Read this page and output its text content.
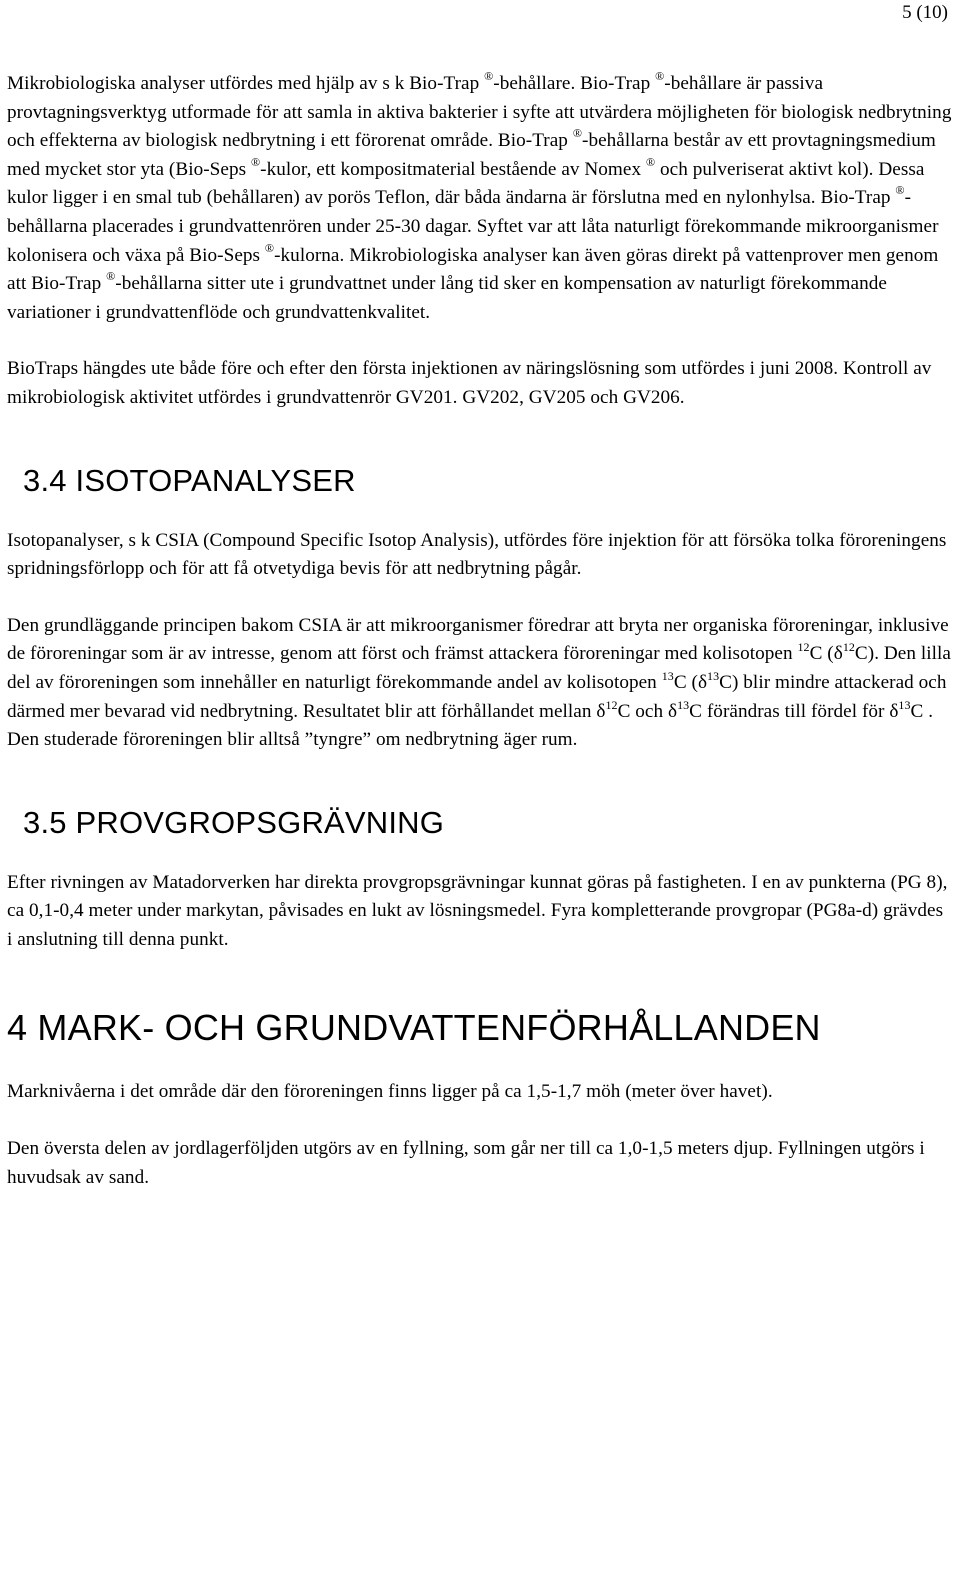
5 (10)

Mikrobiologiska analyser utfördes med hjälp av s k Bio-Trap ®-behållare. Bio-Trap ®-behållare är passiva provtagningsverktyg utformade för att samla in aktiva bakterier i syfte att utvärdera möjligheten för biologisk nedbrytning och effekterna av biologisk nedbrytning i ett förorenat område. Bio-Trap ®-behållarna består av ett provtagningsmedium med mycket stor yta (Bio-Seps ®-kulor, ett kompositmaterial bestående av Nomex ® och pulveriserat aktivt kol). Dessa kulor ligger i en smal tub (behållaren) av porös Teflon, där båda ändarna är förslutna med en nylonhylsa. Bio-Trap ®-behållarna placerades i grundvattenrören under 25-30 dagar. Syftet var att låta naturligt förekommande mikroorganismer kolonisera och växa på Bio-Seps ®-kulorna. Mikrobiologiska analyser kan även göras direkt på vattenprover men genom att Bio-Trap ®-behållarna sitter ute i grundvattnet under lång tid sker en kompensation av naturligt förekommande variationer i grundvattenflöde och grundvattenkvalitet.

BioTraps hängdes ute både före och efter den första injektionen av näringslösning som utfördes i juni 2008. Kontroll av mikrobiologisk aktivitet utfördes i grundvattenrör GV201. GV202, GV205 och GV206.

3.4 ISOTOPANALYSER

Isotopanalyser, s k CSIA (Compound Specific Isotop Analysis), utfördes före injektion för att försöka tolka föroreningens spridningsförlopp och för att få otvetydiga bevis för att nedbrytning pågår.

Den grundläggande principen bakom CSIA är att mikroorganismer föredrar att bryta ner organiska föroreningar, inklusive de föroreningar som är av intresse, genom att först och främst attackera föroreningar med kolisotopen $^{12}$C $(\delta^{12}C)$. Den lilla del av föroreningen som innehåller en naturligt förekommande andel av kolisotopen $^{13}$C $(\delta^{13}C)$ blir mindre attackerad och därmed mer bevarad vid nedbrytning. Resultatet blir att förhållandet mellan $\delta^{12}C$ och $\delta^{13}C$ förändras till fördel för $\delta^{13}C$ . Den studerade föroreningen blir alltså ”tyngre” om nedbrytning äger rum.

3.5 PROVGROPSGRÄVNING

Efter rivningen av Matadorverken har direkta provgropsgrävningar kunnat göras på fastigheten. I en av punkterna (PG 8), ca 0,1-0,4 meter under markytan, påvisades en lukt av lösningsmedel. Fyra kompletterande provgropar (PG8a-d) grävdes i anslutning till denna punkt.

4 MARK- OCH GRUNDVATTENFÖRHÅLLANDEN

Marknivåerna i det område där den föroreningen finns ligger på ca 1,5-1,7 möh (meter över havet).

Den översta delen av jordlagerföljden utgörs av en fyllning, som går ner till ca 1,0-1,5 meters djup. Fyllningen utgörs i huvudsak av sand.
